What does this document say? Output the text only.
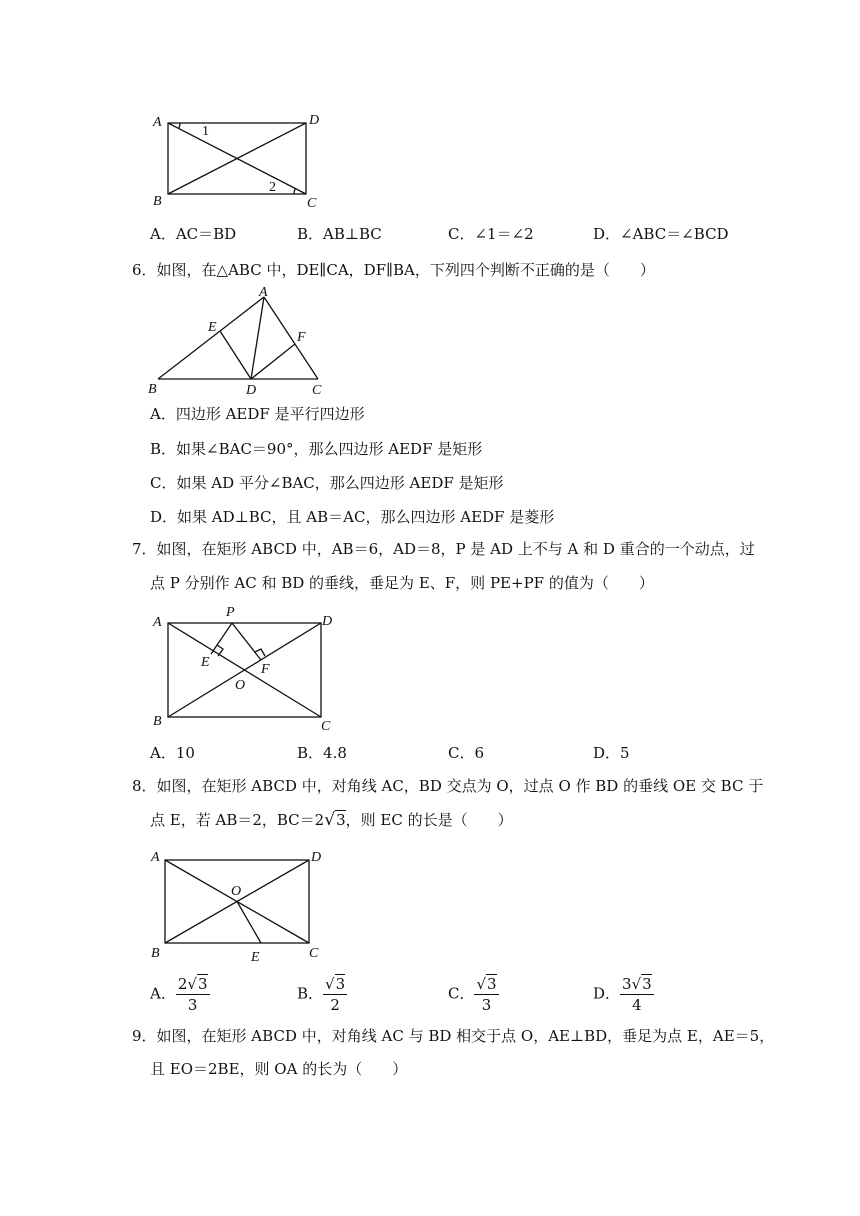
A	D
B	C
1
2
A．AC＝BD	B．AB⊥BC	C．∠1＝∠2	D．∠ABC＝∠BCD
6．如图，在△ABC 中，DE∥CA，DF∥BA，下列四个判断不正确的是（　　）
A
B	C
D
E
F
A．四边形 AEDF 是平行四边形
B．如果∠BAC＝90°，那么四边形 AEDF 是矩形
C．如果 AD 平分∠BAC，那么四边形 AEDF 是矩形
D．如果 AD⊥BC，且 AB＝AC，那么四边形 AEDF 是菱形
7．如图，在矩形 ABCD 中，AB＝6，AD＝8，P 是 AD 上不与 A 和 D 重合的一个动点，过
点 P 分别作 AC 和 BD 的垂线，垂足为 E、F，则 PE+PF 的值为（　　）
A	D
B	C
P
E	F
O
A．10	B．4.8	C．6	D．5
8．如图，在矩形 ABCD 中，对角线 AC，BD 交点为 O，过点 O 作 BD 的垂线 OE 交 BC 于
点 E，若 AB＝2，BC＝2√3，则 EC 的长是（　　）
A	D
B	C
O
E
A． $\frac{2√3}{3}$	B． $\frac{√3}{2}$	C． $\frac{√3}{3}$	D． $\frac{3√3}{4}$
9．如图，在矩形 ABCD 中，对角线 AC 与 BD 相交于点 O，AE⊥BD，垂足为点 E，AE＝5，
且 EO＝2BE，则 OA 的长为（　　）
